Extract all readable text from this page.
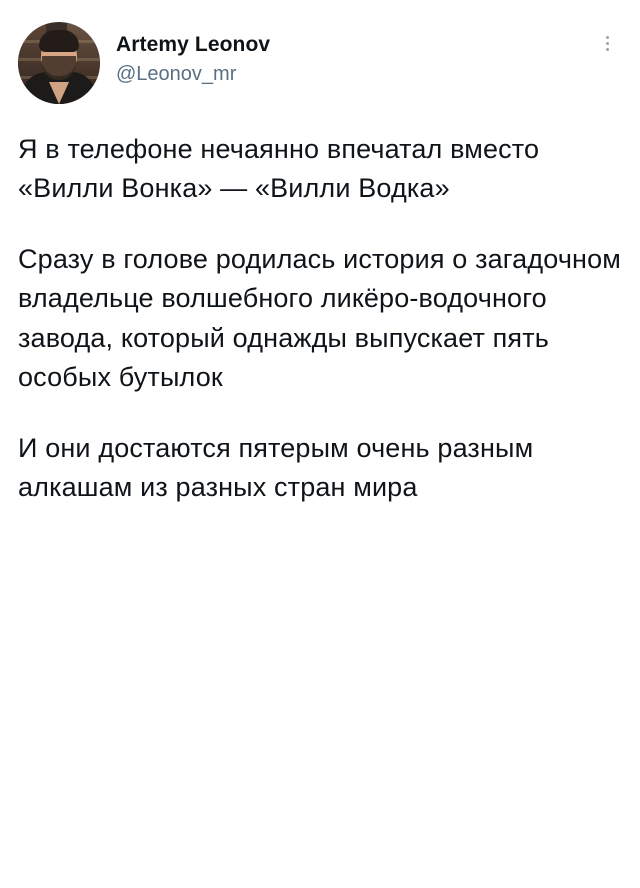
Artemy Leonov
@Leonov_mr

Я в телефоне нечаянно впечатал вместо «Вилли Вонка» — «Вилли Водка»

Сразу в голове родилась история о загадочном владельце волшебного ликёро-водочного завода, который однажды выпускает пять особых бутылок

И они достаются пятерым очень разным алкашам из разных стран мира
